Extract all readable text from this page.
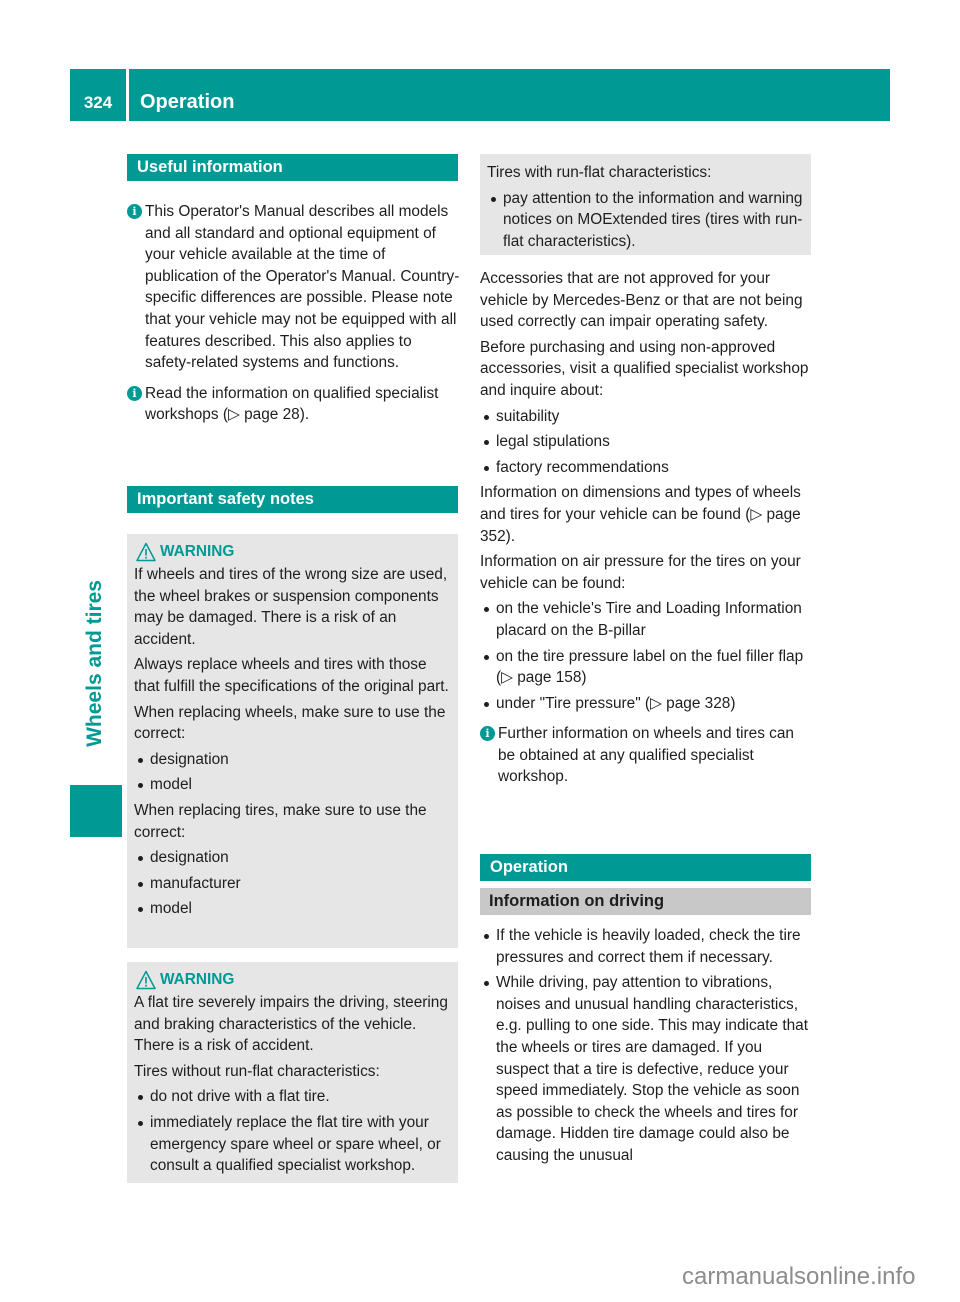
324	Operation
Wheels and tires
Useful information
i This Operator's Manual describes all models and all standard and optional equipment of your vehicle available at the time of publication of the Operator's Manual. Country-specific differences are possible. Please note that your vehicle may not be equipped with all features described. This also applies to safety-related systems and functions.
i Read the information on qualified specialist workshops (▷ page 28).
Important safety notes
WARNING
If wheels and tires of the wrong size are used, the wheel brakes or suspension components may be damaged. There is a risk of an accident.
Always replace wheels and tires with those that fulfill the specifications of the original part.
When replacing wheels, make sure to use the correct:
designation
model
When replacing tires, make sure to use the correct:
designation
manufacturer
model
WARNING
A flat tire severely impairs the driving, steering and braking characteristics of the vehicle. There is a risk of accident.
Tires without run-flat characteristics:
do not drive with a flat tire.
immediately replace the flat tire with your emergency spare wheel or spare wheel, or consult a qualified specialist workshop.
Tires with run-flat characteristics:
pay attention to the information and warning notices on MOExtended tires (tires with run-flat characteristics).
Accessories that are not approved for your vehicle by Mercedes-Benz or that are not being used correctly can impair operating safety.
Before purchasing and using non-approved accessories, visit a qualified specialist workshop and inquire about:
suitability
legal stipulations
factory recommendations
Information on dimensions and types of wheels and tires for your vehicle can be found (▷ page 352).
Information on air pressure for the tires on your vehicle can be found:
on the vehicle's Tire and Loading Information placard on the B-pillar
on the tire pressure label on the fuel filler flap (▷ page 158)
under "Tire pressure" (▷ page 328)
i Further information on wheels and tires can be obtained at any qualified specialist workshop.
Operation
Information on driving
If the vehicle is heavily loaded, check the tire pressures and correct them if necessary.
While driving, pay attention to vibrations, noises and unusual handling characteristics, e.g. pulling to one side. This may indicate that the wheels or tires are damaged. If you suspect that a tire is defective, reduce your speed immediately. Stop the vehicle as soon as possible to check the wheels and tires for damage. Hidden tire damage could also be causing the unusual
carmanualsonline.info
